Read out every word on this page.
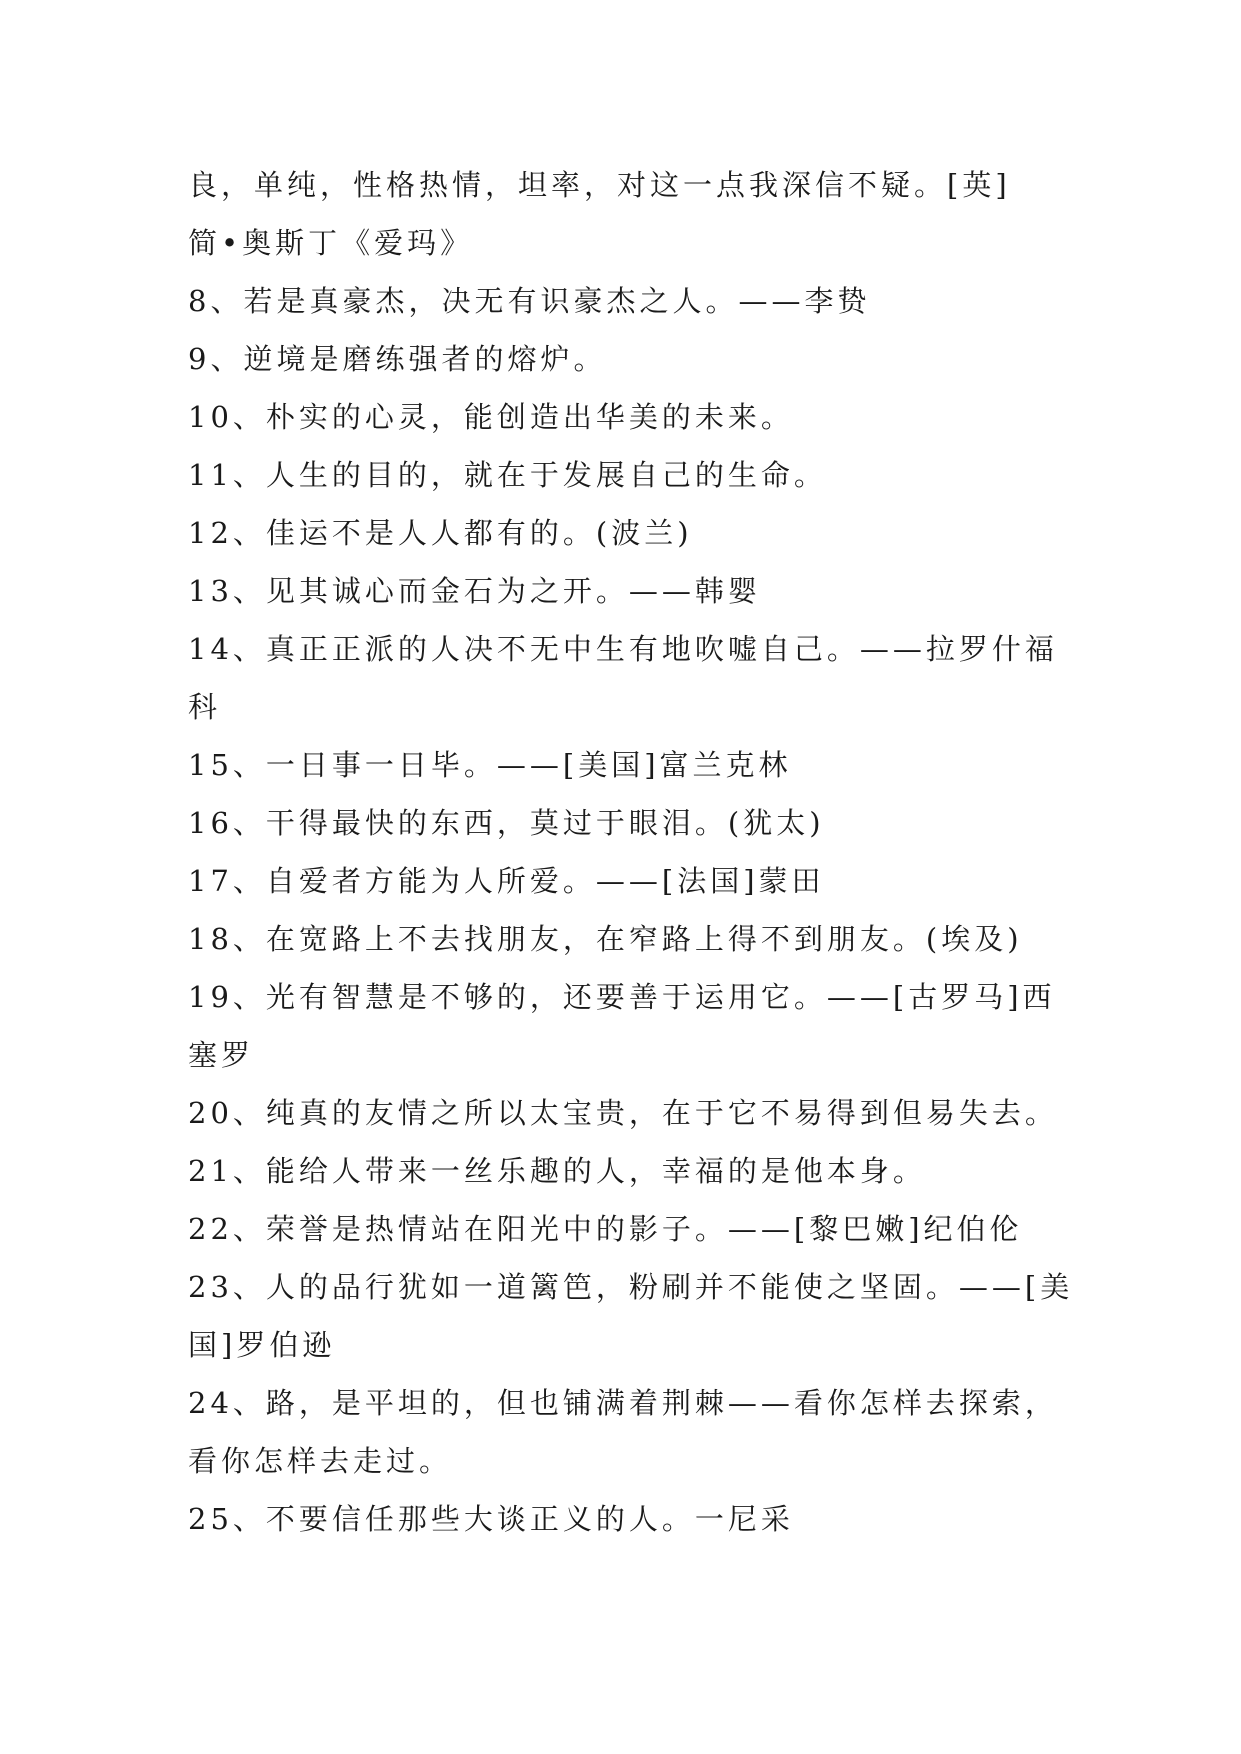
良，单纯，性格热情，坦率，对这一点我深信不疑。[英]
简•奥斯丁《爱玛》
8、若是真豪杰，决无有识豪杰之人。——李贽
9、逆境是磨练强者的熔炉。
10、朴实的心灵，能创造出华美的未来。
11、人生的目的，就在于发展自己的生命。
12、佳运不是人人都有的。(波兰)
13、见其诚心而金石为之开。——韩婴
14、真正正派的人决不无中生有地吹嘘自己。——拉罗什福
科
15、一日事一日毕。——[美国]富兰克林
16、干得最快的东西，莫过于眼泪。(犹太)
17、自爱者方能为人所爱。——[法国]蒙田
18、在宽路上不去找朋友，在窄路上得不到朋友。(埃及)
19、光有智慧是不够的，还要善于运用它。——[古罗马]西
塞罗
20、纯真的友情之所以太宝贵，在于它不易得到但易失去。
21、能给人带来一丝乐趣的人，幸福的是他本身。
22、荣誉是热情站在阳光中的影子。——[黎巴嫩]纪伯伦
23、人的品行犹如一道篱笆，粉刷并不能使之坚固。——[美
国]罗伯逊
24、路，是平坦的，但也铺满着荆棘——看你怎样去探索，
看你怎样去走过。
25、不要信任那些大谈正义的人。一尼采
